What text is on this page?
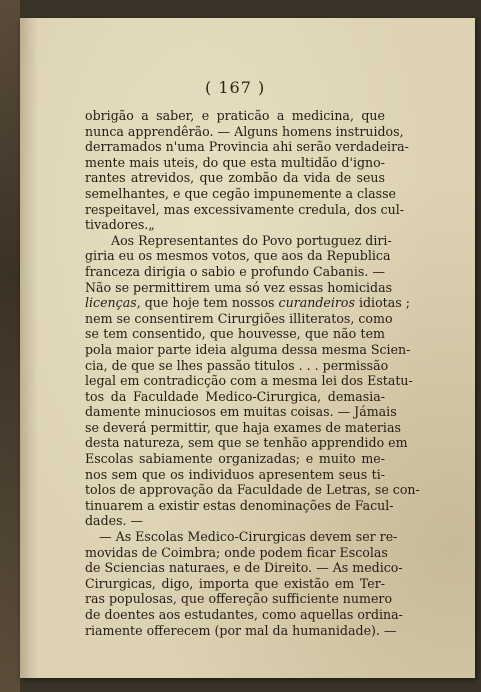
( 167 )
obrigão a saber, e praticão a medicina, que
nunca apprendêrão. — Alguns homens instruidos,
derramados n'uma Provincia ahi serão verdadeira-
mente mais uteis, do que esta multidão d'igno-
rantes atrevidos, que zombão da vida de seus
semelhantes, e que cegão impunemente a classe
respeitavel, mas excessivamente credula, dos cul-
tivadores.„
Aos Representantes do Povo portuguez diri-
giria eu os mesmos votos, que aos da Republica
franceza dirigia o sabio e profundo Cabanis. —
Não se permittirem uma só vez essas homicidas
licenças, que hoje tem nossos curandeiros idiotas ;
nem se consentirem Cirurgiões illiteratos, como
se tem consentido, que houvesse, que não tem
pola maior parte ideia alguma dessa mesma Scien-
cia, de que se lhes passão titulos . . . permissão
legal em contradicção com a mesma lei dos Estatu-
tos da Faculdade Medico-Cirurgica, demasia-
damente minuciosos em muitas coisas. — Jámais
se deverá permittir, que haja exames de materias
desta natureza, sem que se tenhão apprendido em
Escolas sabiamente organizadas; e muito me-
nos sem que os individuos apresentem seus ti-
tolos de approvação da Faculdade de Letras, se con-
tinuarem a existir estas denominações de Facul-
dades. —
— As Escolas Medico-Cirurgicas devem ser re-
movidas de Coimbra; onde podem ficar Escolas
de Sciencias naturaes, e de Direito. — As medico-
Cirurgicas, digo, importa que existão em Ter-
ras populosas, que offereção sufficiente numero
de doentes aos estudantes, como aquellas ordina-
riamente offerecem (por mal da humanidade). —
